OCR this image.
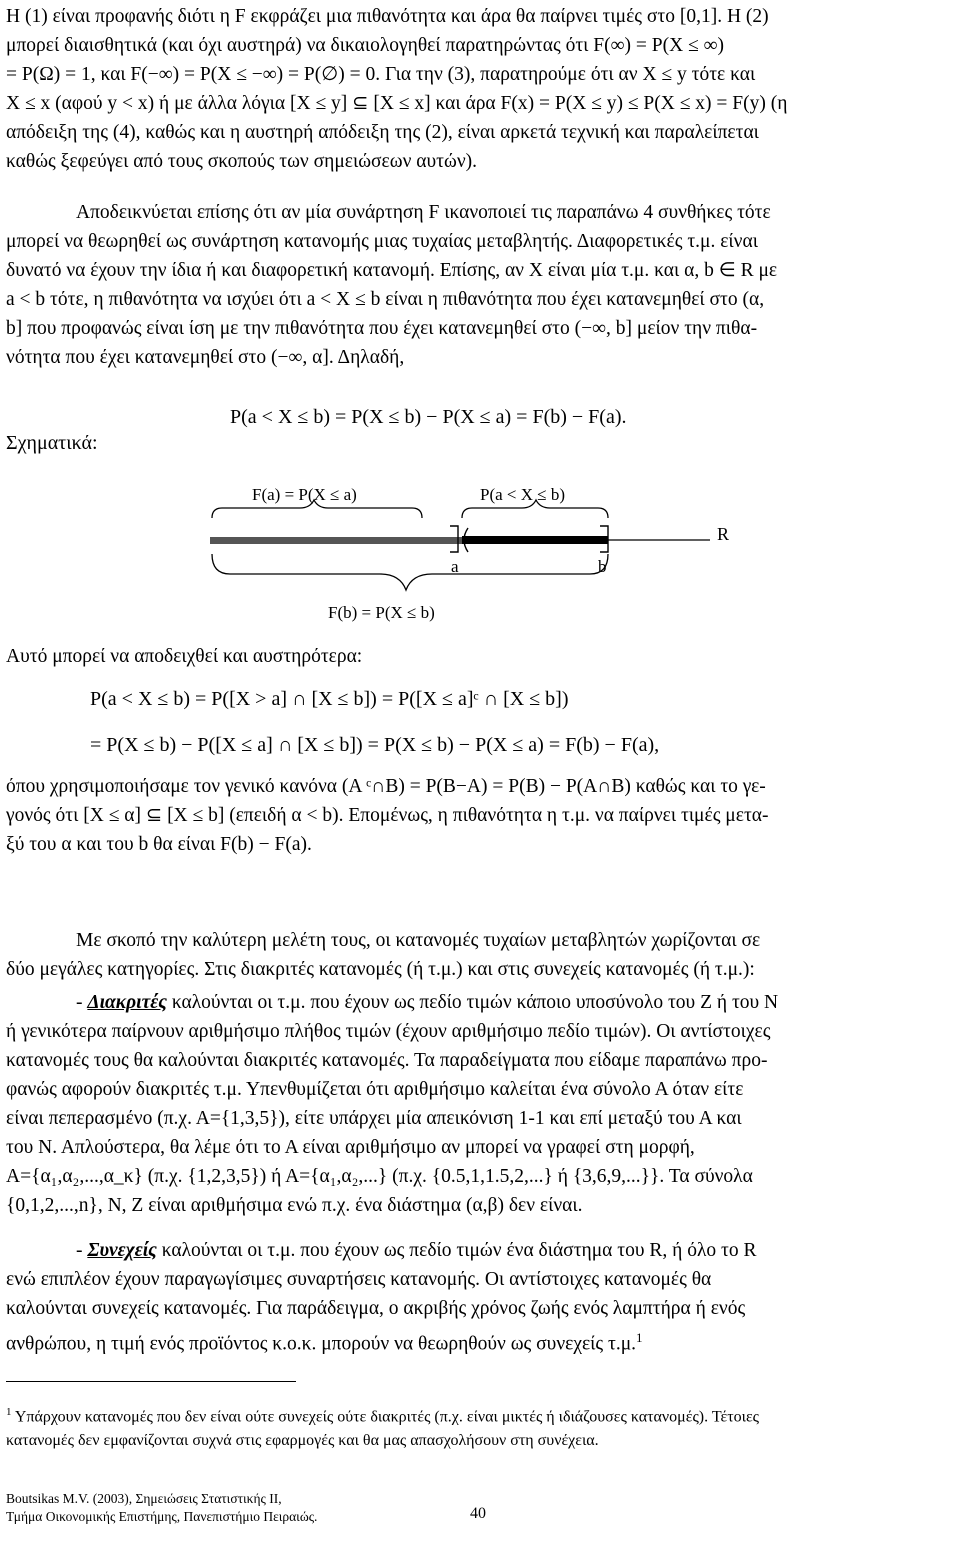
Η (1) είναι προφανής διότι η F εκφράζει μια πιθανότητα και άρα θα παίρνει τιμές στο [0,1]. Η (2)
μπορεί διαισθητικά (και όχι αυστηρά) να δικαιολογηθεί παρατηρώντας ότι F(∞) = P(X ≤ ∞)
= P(Ω) = 1, και F(−∞) = P(X ≤ −∞) = P(∅) = 0. Για την (3), παρατηρούμε ότι αν X ≤ y τότε και
X ≤ x (αφού y < x) ή με άλλα λόγια [X ≤ y] ⊆ [X ≤ x] και άρα F(x) = P(X ≤ y) ≤ P(X ≤ x) = F(y) (η
απόδειξη της (4), καθώς και η αυστηρή απόδειξη της (2), είναι αρκετά τεχνική και παραλείπεται
καθώς ξεφεύγει από τους σκοπούς των σημειώσεων αυτών).
Αποδεικνύεται επίσης ότι αν μία συνάρτηση F ικανοποιεί τις παραπάνω 4 συνθήκες τότε
μπορεί να θεωρηθεί ως συνάρτηση κατανομής μιας τυχαίας μεταβλητής. Διαφορετικές τ.μ. είναι
δυνατό να έχουν την ίδια ή και διαφορετική κατανομή. Επίσης, αν X είναι μία τ.μ. και α, b ∈ R με
a < b τότε, η πιθανότητα να ισχύει ότι a < X ≤ b είναι η πιθανότητα που έχει κατανεμηθεί στο (α,
b] που προφανώς είναι ίση με την πιθανότητα που έχει κατανεμηθεί στο (−∞, b] μείον την πιθα-
νότητα που έχει κατανεμηθεί στο (−∞, α]. Δηλαδή,

P(a < X ≤ b) = P(X ≤ b) − P(X ≤ a) = F(b) − F(a).

Σχηματικά:

F(a) = P(X ≤ a)	P(a < X ≤ b)
R
a	b
F(b) = P(X ≤ b)

Αυτό μπορεί να αποδειχθεί και αυστηρότερα:

P(a < X ≤ b) = P([X > a] ∩ [X ≤ b]) = P([X ≤ a]ᶜ ∩ [X ≤ b])

= P(X ≤ b) − P([X ≤ a] ∩ [X ≤ b]) = P(X ≤ b) − P(X ≤ a) = F(b) − F(a),

όπου χρησιμοποιήσαμε τον γενικό κανόνα (A ᶜ∩B) = P(B−A) = P(B) − P(A∩B) καθώς και το γε-
γονός ότι [X ≤ α] ⊆ [X ≤ b] (επειδή α < b). Επομένως, η πιθανότητα η τ.μ. να παίρνει τιμές μετα-
ξύ του α και του b θα είναι F(b) − F(a).
Με σκοπό την καλύτερη μελέτη τους, οι κατανομές τυχαίων μεταβλητών χωρίζονται σε
δύο μεγάλες κατηγορίες. Στις διακριτές κατανομές (ή τ.μ.) και στις συνεχείς κατανομές (ή τ.μ.):
- Διακριτές καλούνται οι τ.μ. που έχουν ως πεδίο τιμών κάποιο υποσύνολο του Z ή του N
ή γενικότερα παίρνουν αριθμήσιμο πλήθος τιμών (έχουν αριθμήσιμο πεδίο τιμών). Οι αντίστοιχες
κατανομές τους θα καλούνται διακριτές κατανομές. Τα παραδείγματα που είδαμε παραπάνω προ-
φανώς αφορούν διακριτές τ.μ. Υπενθυμίζεται ότι αριθμήσιμο καλείται ένα σύνολο Α όταν είτε
είναι πεπερασμένο (π.χ. Α={1,3,5}), είτε υπάρχει μία απεικόνιση 1-1 και επί μεταξύ του Α και
του Ν. Απλούστερα, θα λέμε ότι το Α είναι αριθμήσιμο αν μπορεί να γραφεί στη μορφή,
Α={α₁,α₂,...,α_κ} (π.χ. {1,2,3,5}) ή Α={α₁,α₂,...} (π.χ. {0.5,1,1.5,2,...} ή {3,6,9,...}}. Τα σύνολα
{0,1,2,...,n}, N, Z είναι αριθμήσιμα ενώ π.χ. ένα διάστημα (α,β) δεν είναι.
- Συνεχείς καλούνται οι τ.μ. που έχουν ως πεδίο τιμών ένα διάστημα του R, ή όλο το R
ενώ επιπλέον έχουν παραγωγίσιμες συναρτήσεις κατανομής. Οι αντίστοιχες κατανομές θα
καλούνται συνεχείς κατανομές. Για παράδειγμα, ο ακριβής χρόνος ζωής ενός λαμπτήρα ή ενός
ανθρώπου, η τιμή ενός προϊόντος κ.ο.κ. μπορούν να θεωρηθούν ως συνεχείς τ.μ.$^1$
$^1$ Υπάρχουν κατανομές που δεν είναι ούτε συνεχείς ούτε διακριτές (π.χ. είναι μικτές ή ιδιάζουσες κατανομές). Τέτοιες
κατανομές δεν εμφανίζονται συχνά στις εφαρμογές και θα μας απασχολήσουν στη συνέχεια.
Boutsikas M.V. (2003), Σημειώσεις Στατιστικής ΙΙ,
Τμήμα Οικονομικής Επιστήμης, Πανεπιστήμιο Πειραιώς.	40
